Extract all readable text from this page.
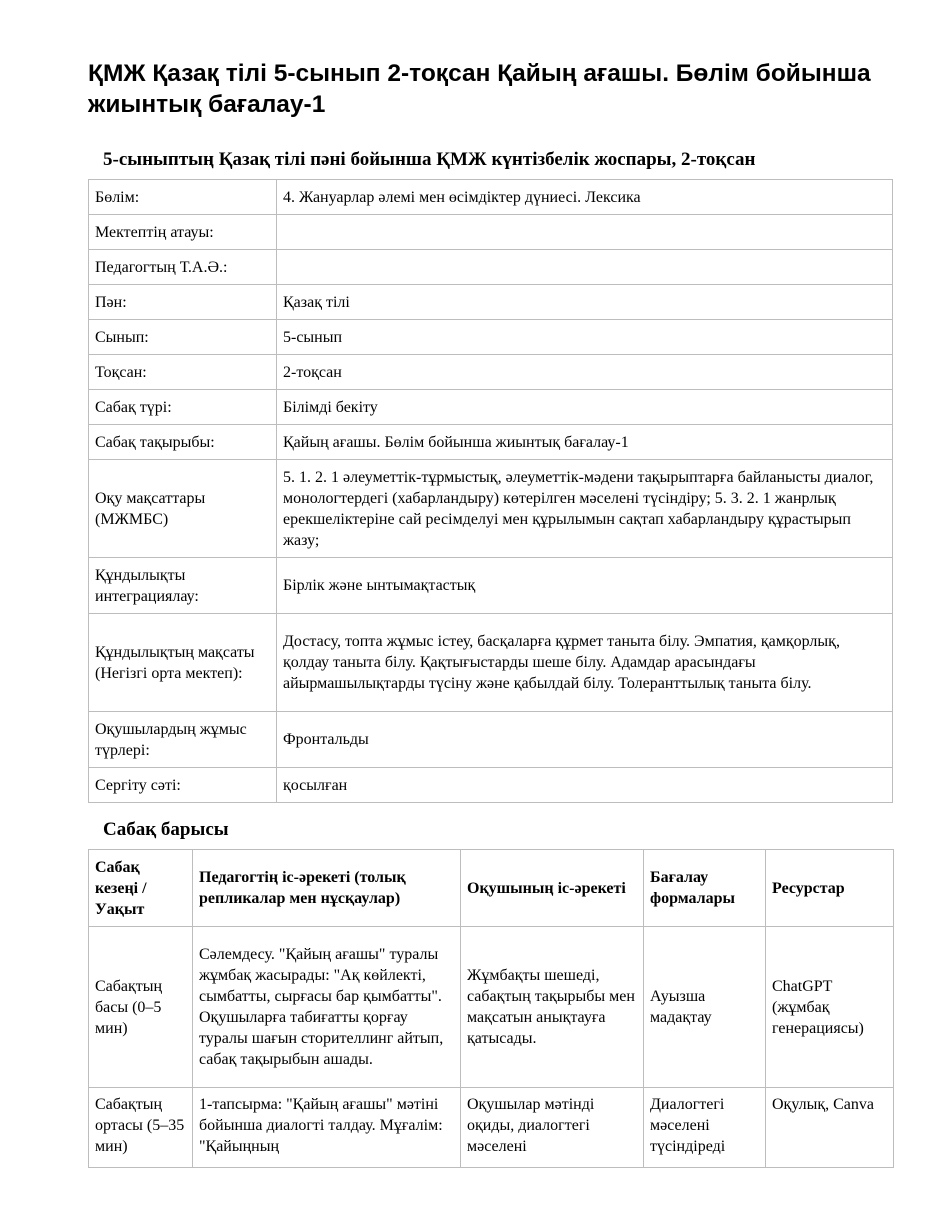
ҚМЖ Қазақ тілі 5-сынып 2-тоқсан Қайың ағашы. Бөлім бойынша жиынтық бағалау-1
5-сыныптың Қазақ тілі пәні бойынша ҚМЖ күнтізбелік жоспары, 2-тоқсан
Бөлім:	4. Жануарлар әлемі мен өсімдіктер дүниесі. Лексика
Мектептің атауы:	
Педагогтың Т.А.Ә.:	
Пән:	Қазақ тілі
Сынып:	5-сынып
Тоқсан:	2-тоқсан
Сабақ түрі:	Білімді бекіту
Сабақ тақырыбы:	Қайың ағашы. Бөлім бойынша жиынтық бағалау-1
Оқу мақсаттары (МЖМБС)	5. 1. 2. 1 әлеуметтік-тұрмыстық, әлеуметтік-мәдени тақырыптарға байланысты диалог, монологтердегі (хабарландыру) көтерілген мәселені түсіндіру; 5. 3. 2. 1 жанрлық ерекшеліктеріне сай ресімделуі мен құрылымын сақтап хабарландыру құрастырып жазу;
Құндылықты интеграциялау:	Бірлік және ынтымақтастық
Құндылықтың мақсаты (Негізгі орта мектеп):	Достасу, топта жұмыс істеу, басқаларға құрмет таныта білу. Эмпатия, қамқорлық, қолдау таныта білу. Қақтығыстарды шеше білу. Адамдар арасындағы айырмашылықтарды түсіну және қабылдай білу. Толеранттылық таныта білу.
Оқушылардың жұмыс түрлері:	Фронтальды
Сергіту сәті:	қосылған
Сабақ барысы
Сабақ кезеңі / Уақыт	Педагогтің іс-әрекеті (толық репликалар мен нұсқаулар)	Оқушының іс-әрекеті	Бағалау формалары	Ресурстар
Сабақтың басы (0–5 мин)	Сәлемдесу. "Қайың ағашы" туралы жұмбақ жасырады: "Ақ көйлекті, сымбатты, сырғасы бар қымбатты". Оқушыларға табиғатты қорғау туралы шағын сторителлинг айтып, сабақ тақырыбын ашады.	Жұмбақты шешеді, сабақтың тақырыбы мен мақсатын анықтауға қатысады.	Ауызша мадақтау	ChatGPT (жұмбақ генерациясы)
Сабақтың ортасы (5–35 мин)	1-тапсырма: "Қайың ағашы" мәтіні бойынша диалогті талдау. Мұғалім: "Қайыңның	Оқушылар мәтінді оқиды, диалогтегі мәселені	Диалогтегі мәселені түсіндіреді	Оқулық, Canva
